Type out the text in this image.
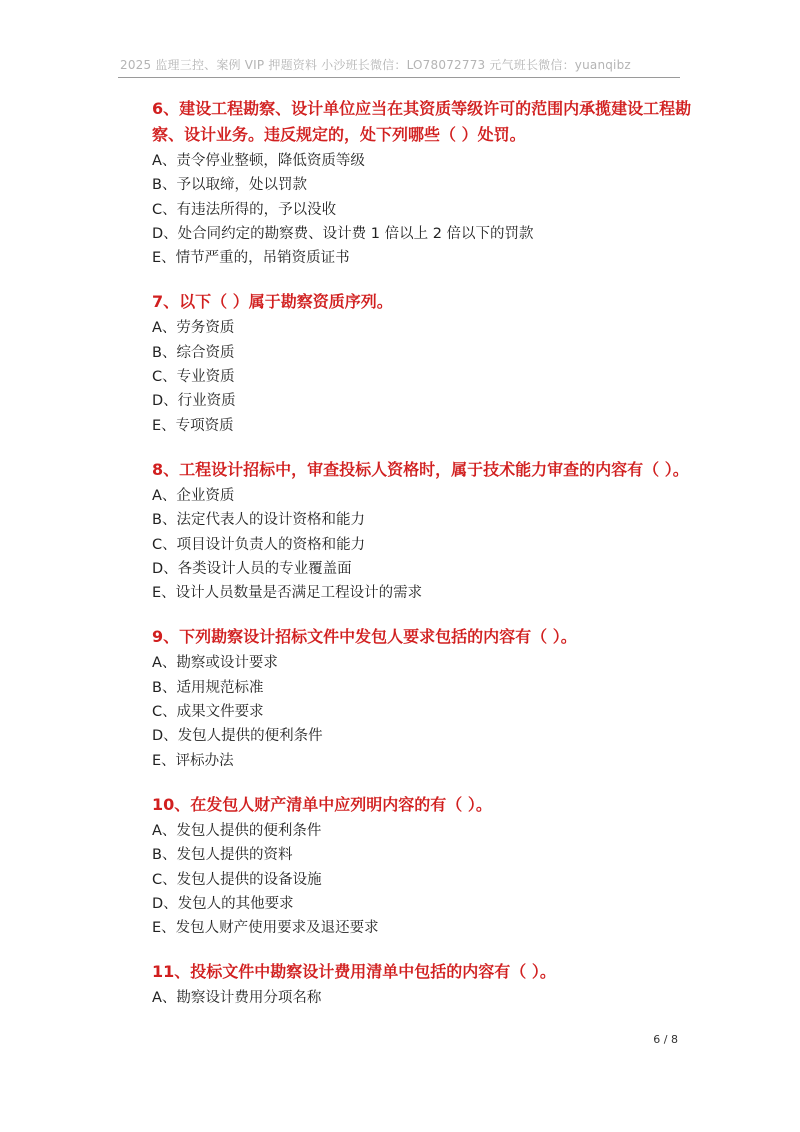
2025 监理三控、案例 VIP 押题资料 小沙班长微信：LO78072773 元气班长微信：yuanqibz
6、建设工程勘察、设计单位应当在其资质等级许可的范围内承揽建设工程勘察、设计业务。违反规定的，处下列哪些（ ）处罚。
A、责令停业整顿，降低资质等级
B、予以取缔，处以罚款
C、有违法所得的，予以没收
D、处合同约定的勘察费、设计费 1 倍以上 2 倍以下的罚款
E、情节严重的，吊销资质证书
7、以下（ ）属于勘察资质序列。
A、劳务资质
B、综合资质
C、专业资质
D、行业资质
E、专项资质
8、工程设计招标中，审查投标人资格时，属于技术能力审查的内容有（ ）。
A、企业资质
B、法定代表人的设计资格和能力
C、项目设计负责人的资格和能力
D、各类设计人员的专业覆盖面
E、设计人员数量是否满足工程设计的需求
9、下列勘察设计招标文件中发包人要求包括的内容有（ ）。
A、勘察或设计要求
B、适用规范标准
C、成果文件要求
D、发包人提供的便利条件
E、评标办法
10、在发包人财产清单中应列明内容的有（ ）。
A、发包人提供的便利条件
B、发包人提供的资料
C、发包人提供的设备设施
D、发包人的其他要求
E、发包人财产使用要求及退还要求
11、投标文件中勘察设计费用清单中包括的内容有（ ）。
A、勘察设计费用分项名称
6 / 8
